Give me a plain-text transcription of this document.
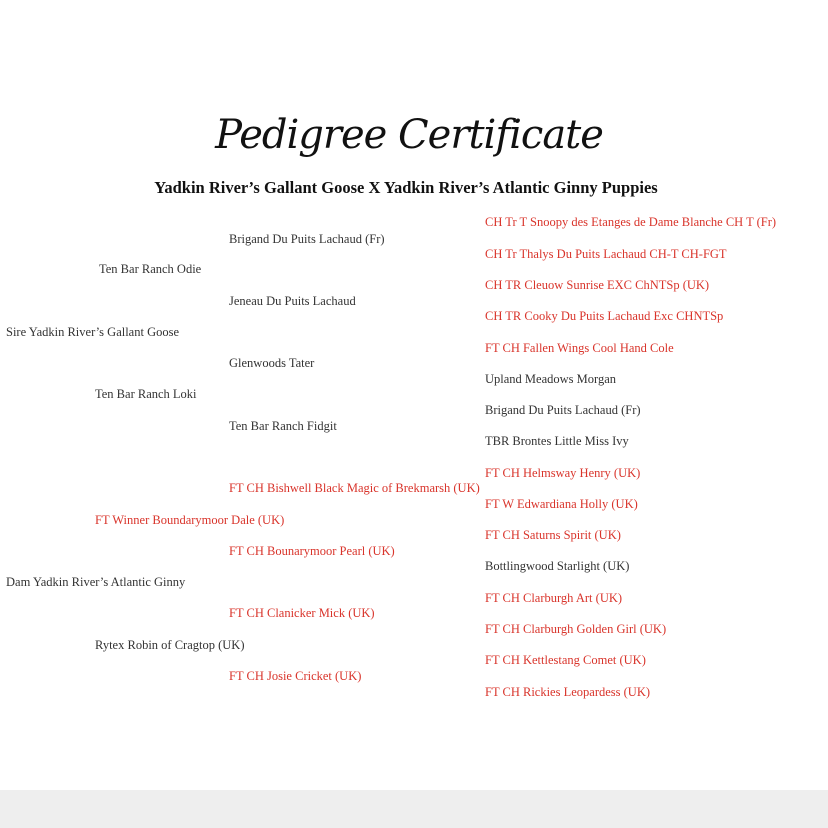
Pedigree Certificate
Yadkin River’s Gallant Goose X Yadkin River’s Atlantic Ginny Puppies
Sire Yadkin River’s Gallant Goose
Ten Bar Ranch Odie
Ten Bar Ranch Loki
Brigand Du Puits Lachaud (Fr)
Jeneau Du Puits Lachaud
Glenwoods Tater
Ten Bar Ranch Fidgit
CH Tr T Snoopy des Etanges de Dame Blanche CH T (Fr)
CH Tr Thalys Du Puits Lachaud CH-T CH-FGT
CH TR Cleuow Sunrise EXC ChNTSp (UK)
CH TR Cooky Du Puits Lachaud Exc CHNTSp
FT CH Fallen Wings Cool Hand Cole
Upland Meadows Morgan
Brigand Du Puits Lachaud (Fr)
TBR Brontes Little Miss Ivy
Dam Yadkin River’s Atlantic Ginny
FT Winner Boundarymoor Dale (UK)
Rytex Robin of Cragtop (UK)
FT CH Bishwell Black Magic of Brekmarsh (UK)
FT CH Bounarymoor Pearl (UK)
FT CH Clanicker Mick (UK)
FT CH Josie Cricket (UK)
FT CH Helmsway Henry (UK)
FT W Edwardiana Holly (UK)
FT CH Saturns Spirit (UK)
Bottlingwood Starlight (UK)
FT CH Clarburgh Art (UK)
FT CH Clarburgh Golden Girl (UK)
FT CH Kettlestang Comet (UK)
FT CH Rickies Leopardess (UK)
